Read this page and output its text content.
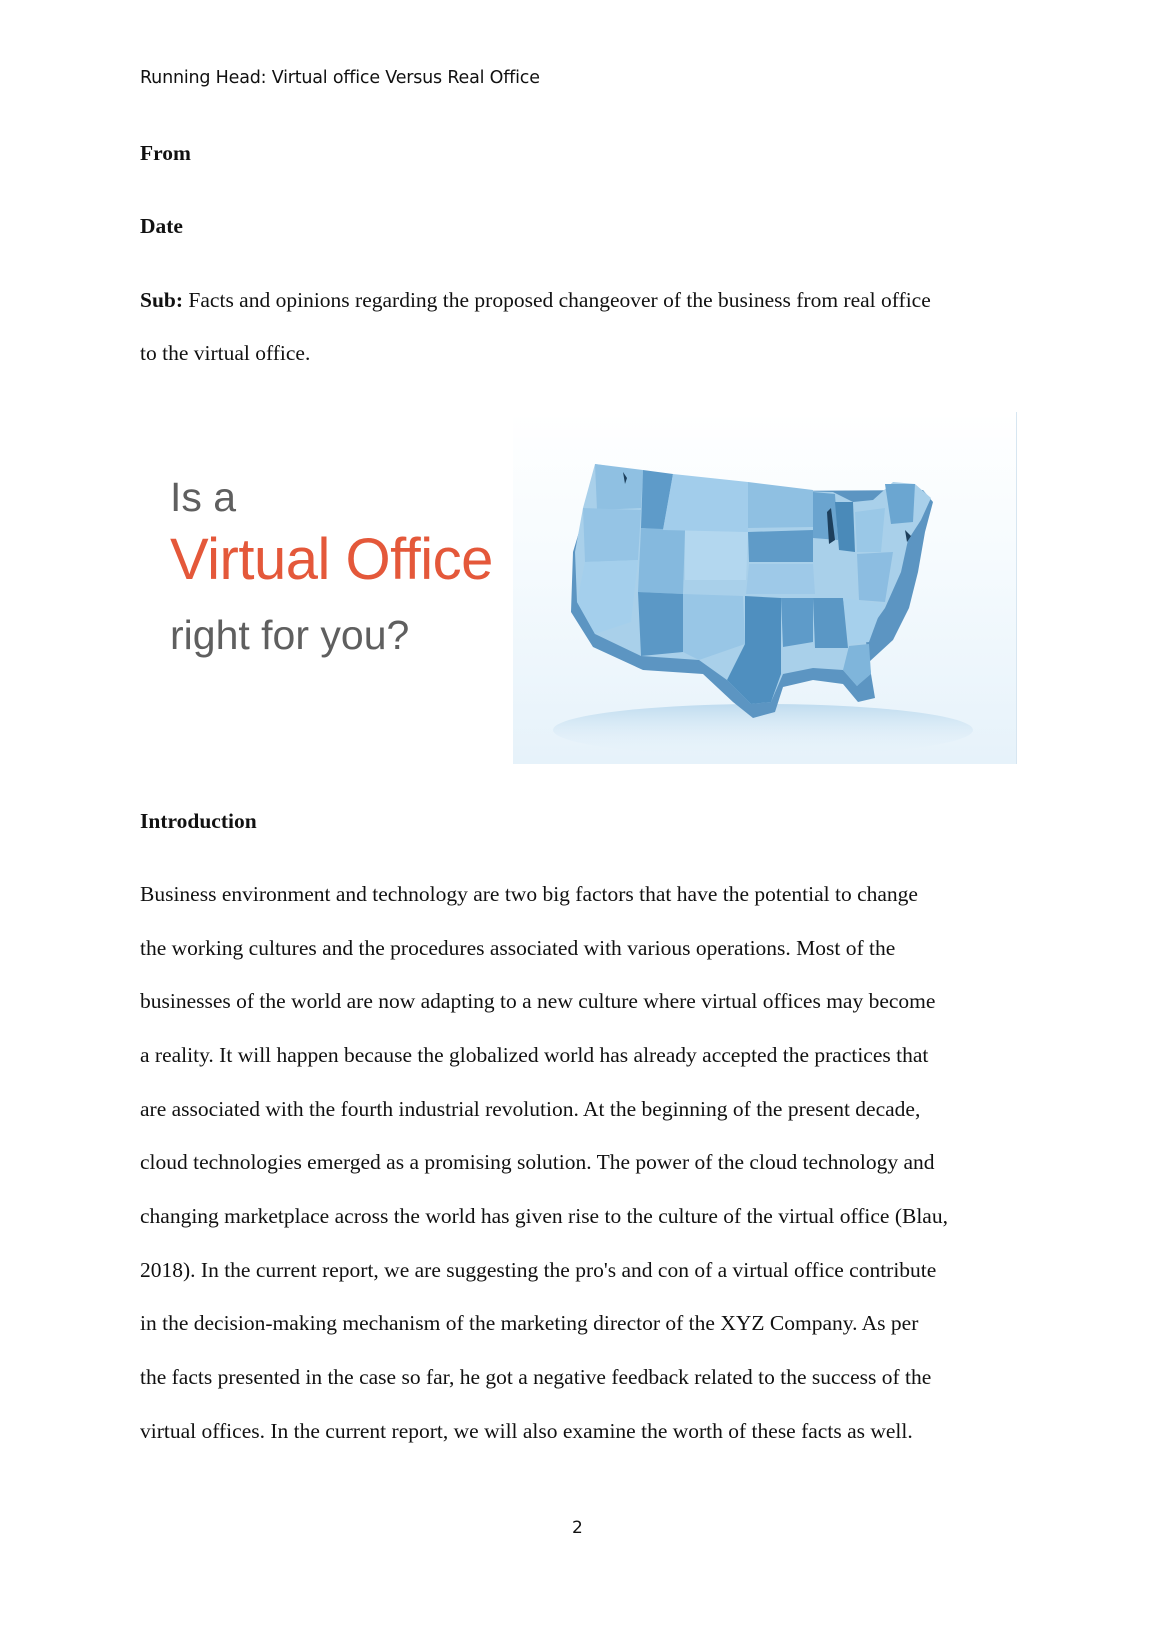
Running Head: Virtual office Versus Real Office
From
Date
Sub: Facts and opinions regarding the proposed changeover of the business from real office
to the virtual office.
Is a
Virtual Office
right for you?
Introduction
Business environment and technology are two big factors that have the potential to change
the working cultures and the procedures associated with various operations. Most of the
businesses of the world are now adapting to a new culture where virtual offices may become
a reality. It will happen because the globalized world has already accepted the practices that
are associated with the fourth industrial revolution. At the beginning of the present decade,
cloud technologies emerged as a promising solution. The power of the cloud technology and
changing marketplace across the world has given rise to the culture of the virtual office (Blau,
2018). In the current report, we are suggesting the pro's and con of a virtual office contribute
in the decision-making mechanism of the marketing director of the XYZ Company. As per
the facts presented in the case so far, he got a negative feedback related to the success of the
virtual offices. In the current report, we will also examine the worth of these facts as well.
2
